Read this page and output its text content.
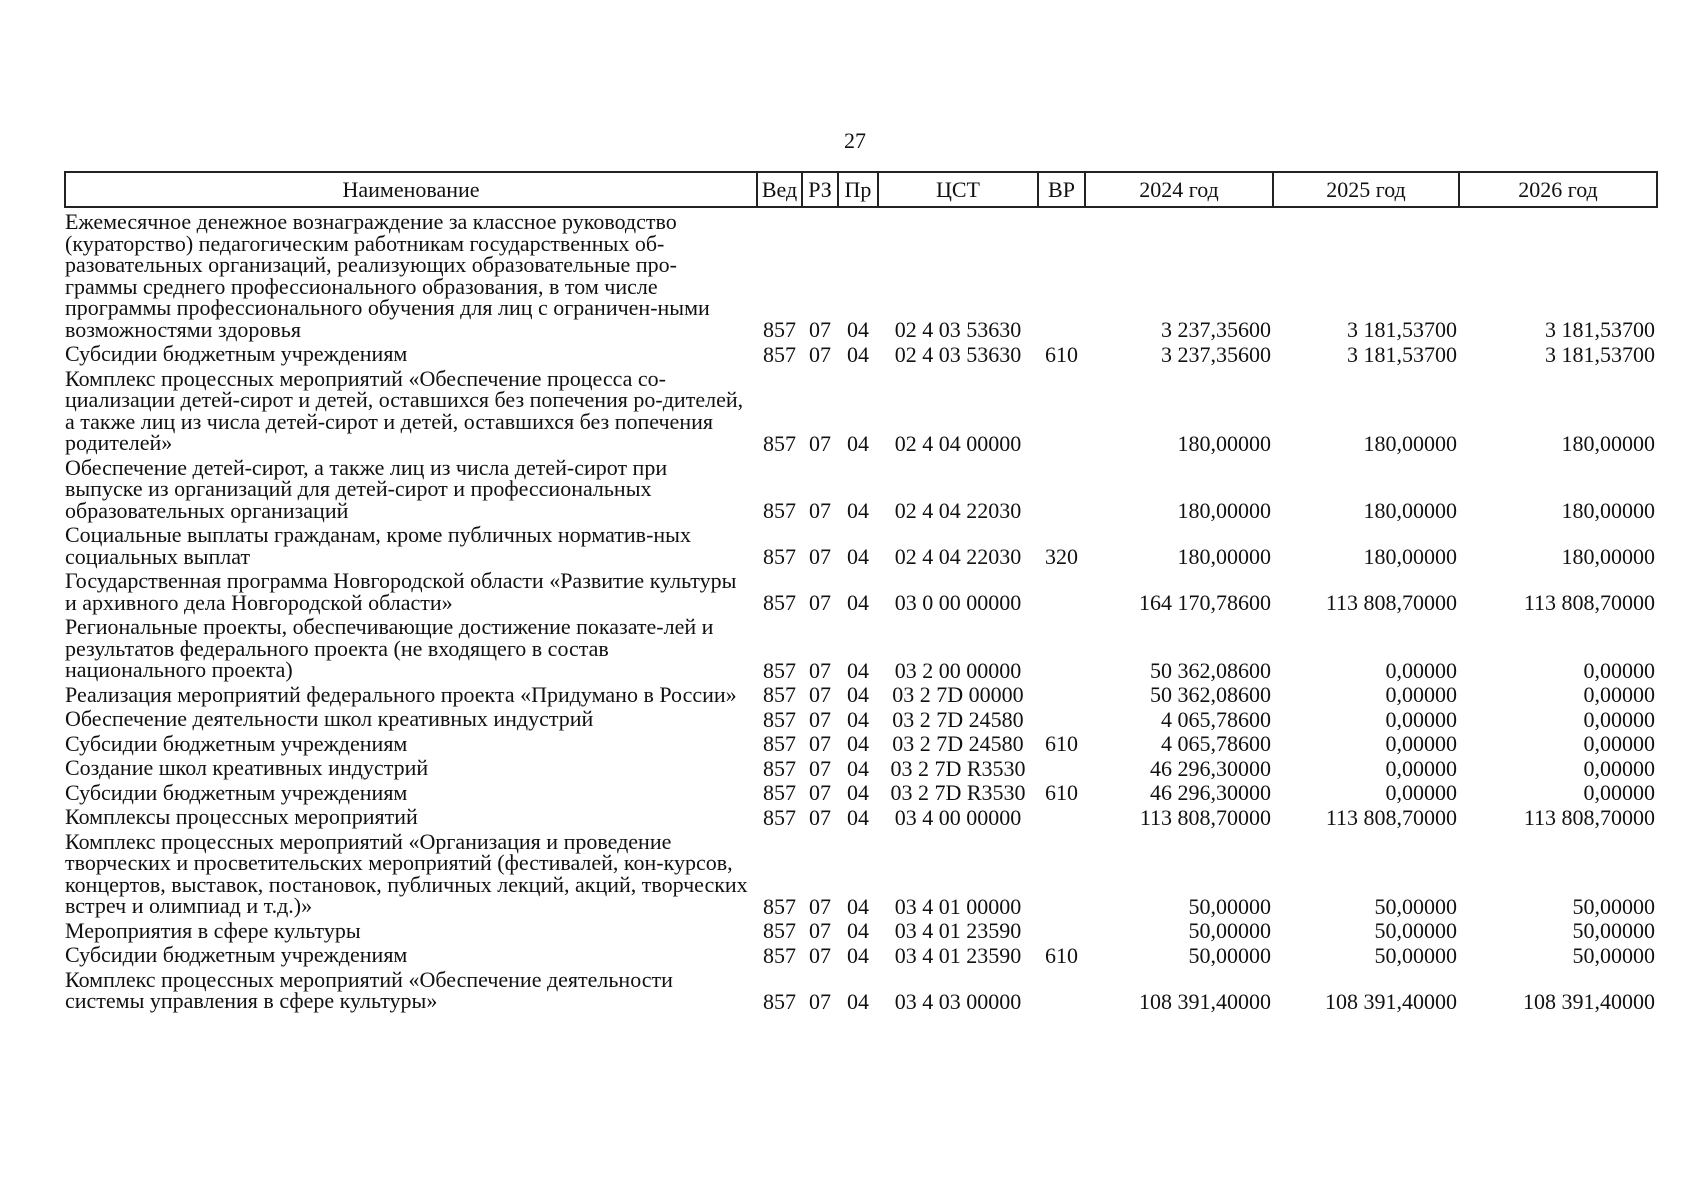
27
Наименование	Вед	РЗ	Пр	ЦСТ	ВР	2024 год	2025 год	2026 год
Ежемесячное денежное вознаграждение за классное руководство (кураторство) педагогическим работникам государственных об-разовательных организаций, реализующих образовательные про-граммы среднего профессионального образования, в том числе программы профессионального обучения для лиц с ограничен-ными возможностями здоровья	857	07	04	02 4 03 53630		3 237,35600	3 181,53700	3 181,53700
Субсидии бюджетным учреждениям	857	07	04	02 4 03 53630	610	3 237,35600	3 181,53700	3 181,53700
Комплекс процессных мероприятий «Обеспечение процесса со-циализации детей-сирот и детей, оставшихся без попечения ро-дителей, а также лиц из числа детей-сирот и детей, оставшихся без попечения родителей»	857	07	04	02 4 04 00000		180,00000	180,00000	180,00000
Обеспечение детей-сирот, а также лиц из числа детей-сирот при выпуске из организаций для детей-сирот и профессиональных образовательных организаций	857	07	04	02 4 04 22030		180,00000	180,00000	180,00000
Социальные выплаты гражданам, кроме публичных норматив-ных социальных выплат	857	07	04	02 4 04 22030	320	180,00000	180,00000	180,00000
Государственная программа Новгородской области «Развитие культуры и архивного дела Новгородской области»	857	07	04	03 0 00 00000		164 170,78600	113 808,70000	113 808,70000
Региональные проекты, обеспечивающие достижение показате-лей и результатов федерального проекта (не входящего в состав национального проекта)	857	07	04	03 2 00 00000		50 362,08600	0,00000	0,00000
Реализация мероприятий федерального проекта «Придумано в России»	857	07	04	03 2 7D 00000		50 362,08600	0,00000	0,00000
Обеспечение деятельности школ креативных индустрий	857	07	04	03 2 7D 24580		4 065,78600	0,00000	0,00000
Субсидии бюджетным учреждениям	857	07	04	03 2 7D 24580	610	4 065,78600	0,00000	0,00000
Создание школ креативных индустрий	857	07	04	03 2 7D R3530		46 296,30000	0,00000	0,00000
Субсидии бюджетным учреждениям	857	07	04	03 2 7D R3530	610	46 296,30000	0,00000	0,00000
Комплексы процессных мероприятий	857	07	04	03 4 00 00000		113 808,70000	113 808,70000	113 808,70000
Комплекс процессных мероприятий «Организация и проведение творческих и просветительских мероприятий (фестивалей, кон-курсов, концертов, выставок, постановок, публичных лекций, акций, творческих встреч и олимпиад и т.д.)»	857	07	04	03 4 01 00000		50,00000	50,00000	50,00000
Мероприятия в сфере культуры	857	07	04	03 4 01 23590		50,00000	50,00000	50,00000
Субсидии бюджетным учреждениям	857	07	04	03 4 01 23590	610	50,00000	50,00000	50,00000
Комплекс процессных мероприятий «Обеспечение деятельности системы управления в сфере культуры»	857	07	04	03 4 03 00000		108 391,40000	108 391,40000	108 391,40000
